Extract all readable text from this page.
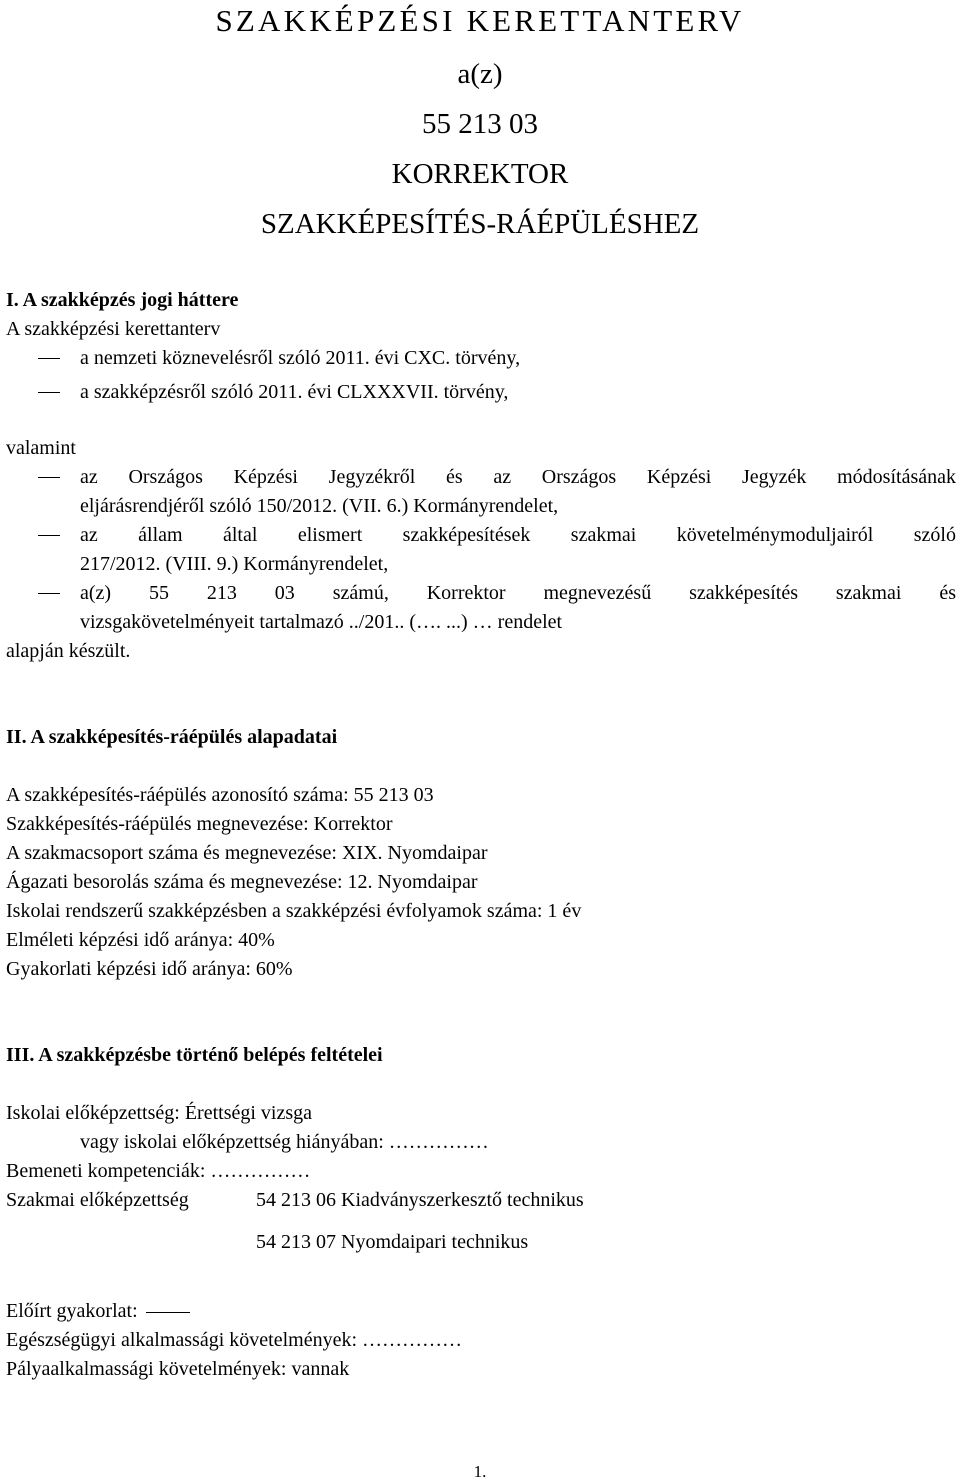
SZAKKÉPZÉSI KERETTANTERV
a(z)
55 213 03
KORREKTOR
SZAKKÉPESÍTÉS-RÁÉPÜLÉSHEZ
I. A szakképzés jogi háttere
A szakképzési kerettanterv
a nemzeti köznevelésről szóló 2011. évi CXC. törvény,
a szakképzésről szóló 2011. évi CLXXXVII. törvény,
valamint
az Országos Képzési Jegyzékről és az Országos Képzési Jegyzék módosításának
eljárásrendjéről szóló 150/2012. (VII. 6.) Kormányrendelet,
az állam által elismert szakképesítések szakmai követelménymoduljairól szóló
217/2012. (VIII. 9.) Kormányrendelet,
a(z) 55 213 03 számú, Korrektor megnevezésű szakképesítés szakmai és
vizsgakövetelményeit tartalmazó ../201.. (…. ...) … rendelet
alapján készült.
II. A szakképesítés-ráépülés alapadatai
A szakképesítés-ráépülés azonosító száma: 55 213 03
Szakképesítés-ráépülés megnevezése: Korrektor
A szakmacsoport száma és megnevezése: XIX. Nyomdaipar
Ágazati besorolás száma és megnevezése: 12. Nyomdaipar
Iskolai rendszerű szakképzésben a szakképzési évfolyamok száma: 1 év
Elméleti képzési idő aránya: 40%
Gyakorlati képzési idő aránya: 60%
III. A szakképzésbe történő belépés feltételei
Iskolai előképzettség: Érettségi vizsga
vagy iskolai előképzettség hiányában: ……………
Bemeneti kompetenciák: ……………
Szakmai előképzettség	54 213 06 Kiadványszerkesztő technikus
54 213 07 Nyomdaipari technikus
Előírt gyakorlat:
Egészségügyi alkalmassági követelmények: ……………
Pályaalkalmassági követelmények: vannak
1.
